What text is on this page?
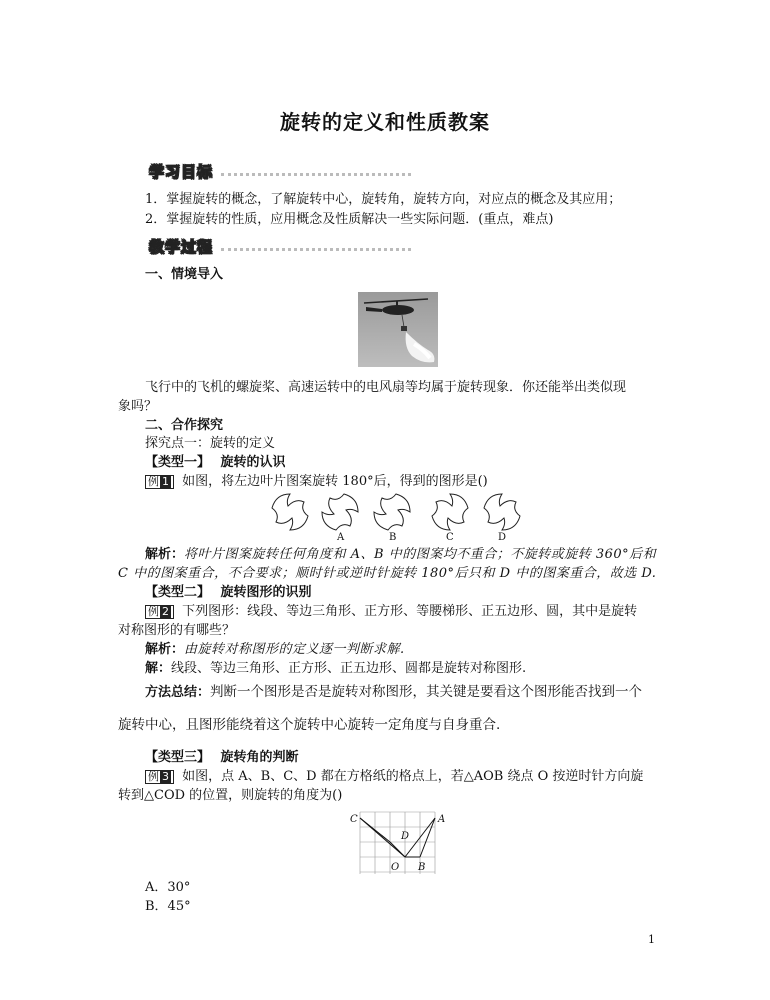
旋转的定义和性质教案
学习目标
1．掌握旋转的概念，了解旋转中心，旋转角，旋转方向，对应点的概念及其应用；
2．掌握旋转的性质，应用概念及性质解决一些实际问题．(重点，难点)
教学过程
一、情境导入
飞行中的飞机的螺旋桨、高速运转中的电风扇等均属于旋转现象．你还能举出类似现
象吗？
二、合作探究
探究点一：旋转的定义
【类型一】 旋转的认识
例 1 如图，将左边叶片图案旋转 180°后，得到的图形是()
A	B	C	D
解析：将叶片图案旋转任何角度和 A、B 中的图案均不重合；不旋转或旋转 360°后和
C 中的图案重合，不合要求；顺时针或逆时针旋转 180°后只和 D 中的图案重合，故选 D.
【类型二】 旋转图形的识别
例 2 下列图形：线段、等边三角形、正方形、等腰梯形、正五边形、圆，其中是旋转
对称图形的有哪些？
解析：由旋转对称图形的定义逐一判断求解.
解：线段、等边三角形、正方形、正五边形、圆都是旋转对称图形.
方法总结：判断一个图形是否是旋转对称图形，其关键是要看这个图形能否找到一个
旋转中心，且图形能绕着这个旋转中心旋转一定角度与自身重合.
【类型三】 旋转角的判断
例 3 如图，点 A、B、C、D 都在方格纸的格点上，若△AOB 绕点 O 按逆时针方向旋
转到△COD 的位置，则旋转的角度为()
C	A
D
O B
A．30°
B．45°
1
